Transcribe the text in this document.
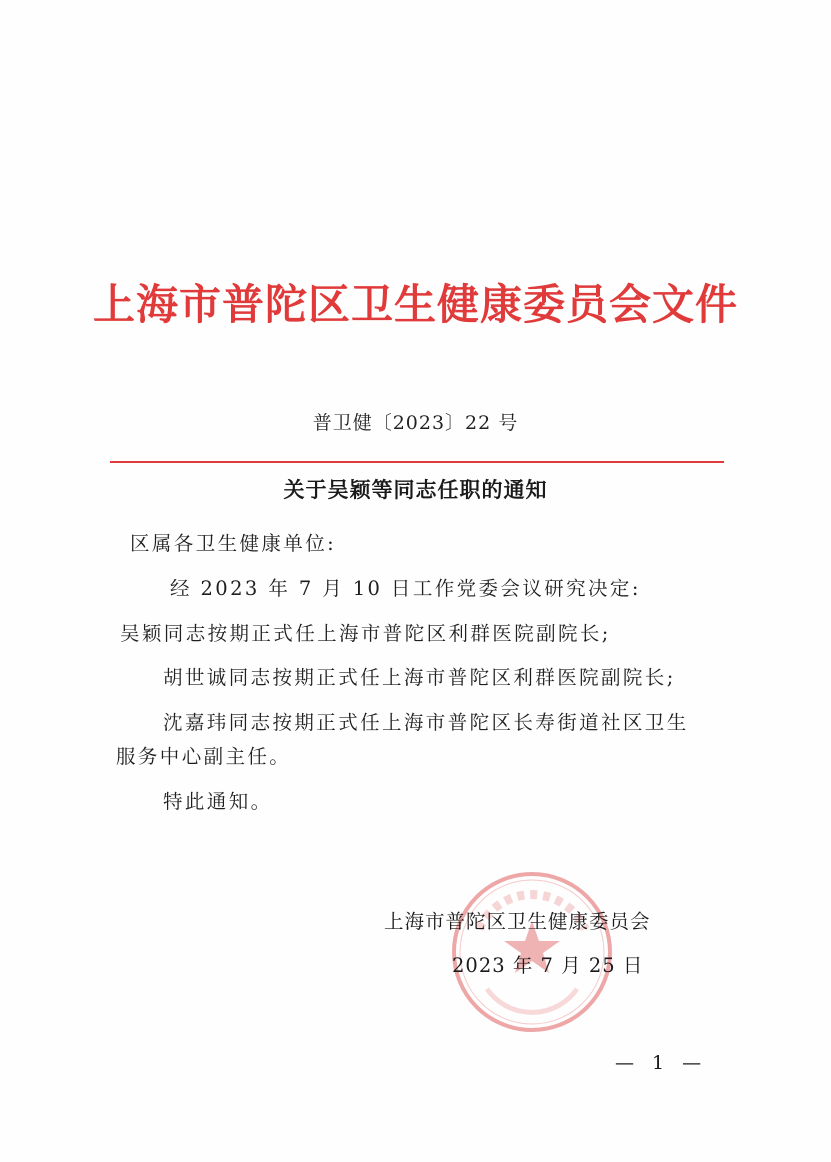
上海市普陀区卫生健康委员会文件
普卫健〔2023〕22 号
关于吴颖等同志任职的通知
区属各卫生健康单位:
经 2023 年 7 月 10 日工作党委会议研究决定:
吴颖同志按期正式任上海市普陀区利群医院副院长;
胡世诚同志按期正式任上海市普陀区利群医院副院长;
沈嘉玮同志按期正式任上海市普陀区长寿街道社区卫生
服务中心副主任。
特此通知。
上海市普陀区卫生健康委员会
2023 年 7 月 25 日
— 1 —
